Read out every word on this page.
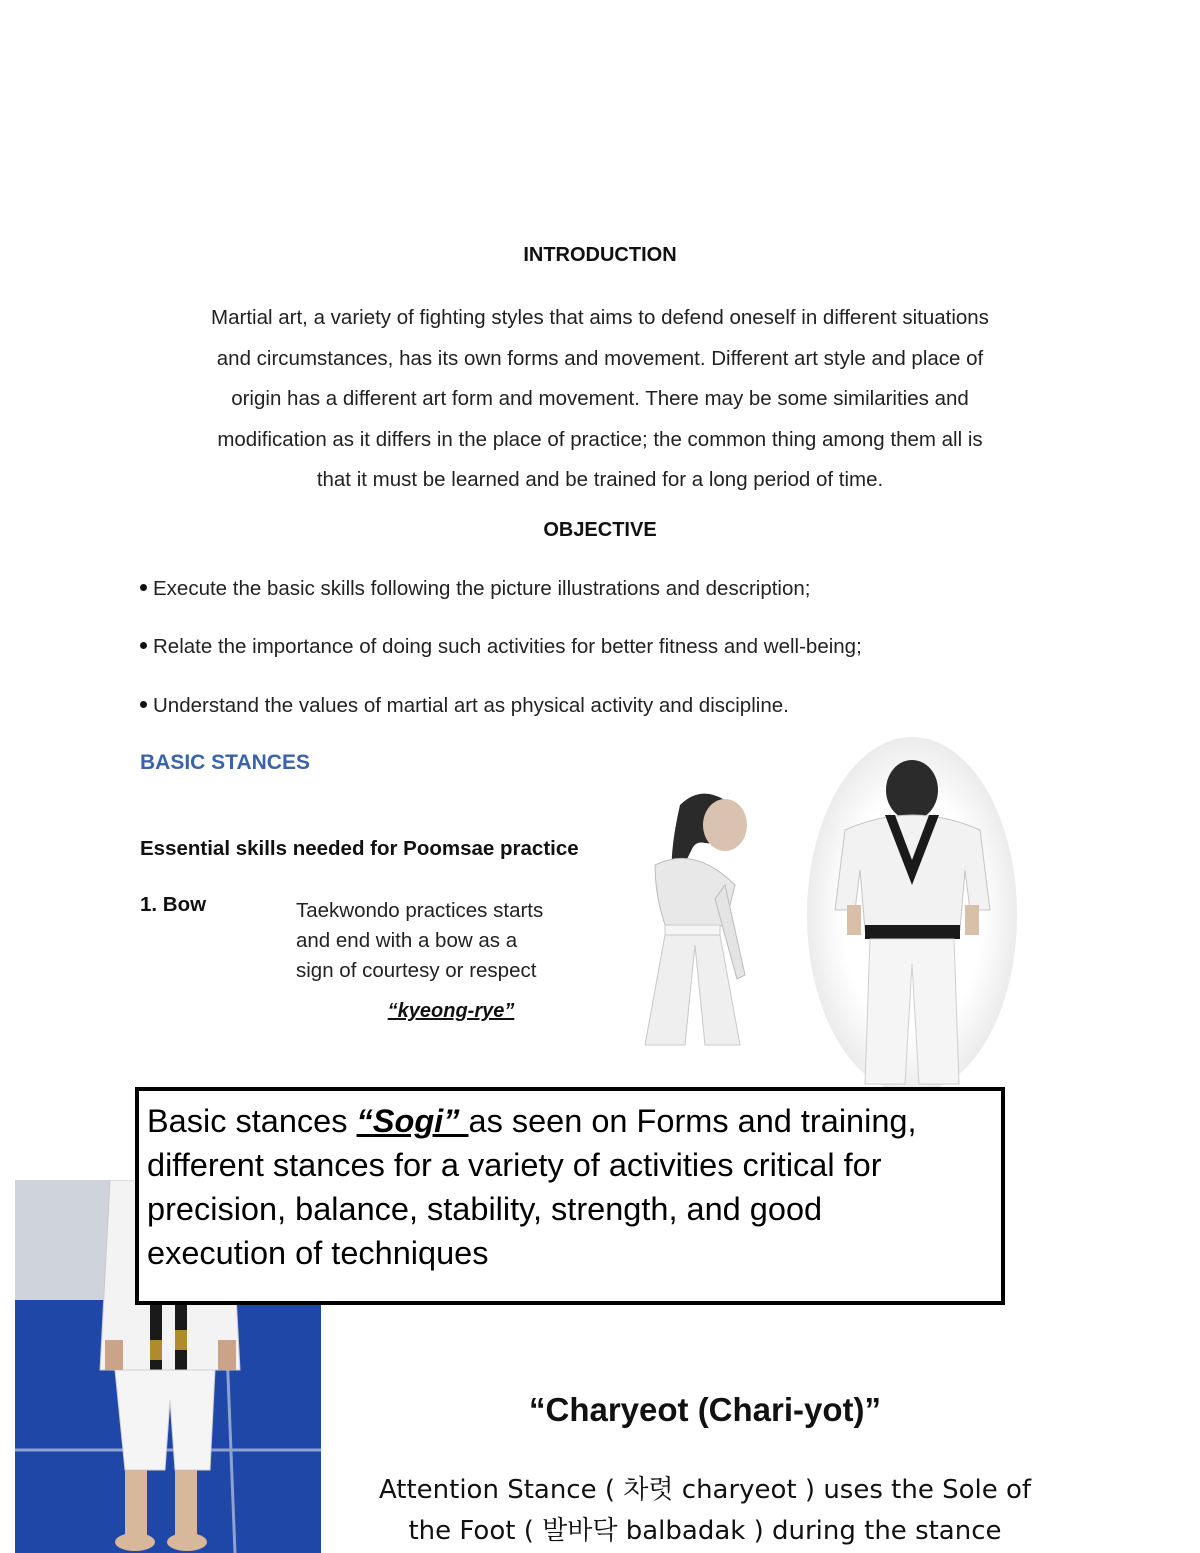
INTRODUCTION
Martial art, a variety of fighting styles that aims to defend oneself in different situations
and circumstances, has its own forms and movement. Different art style and place of
origin has a different art form and movement. There may be some similarities and
modification as it differs in the place of practice; the common thing among them all is
that it must be learned and be trained for a long period of time.
OBJECTIVE
Execute the basic skills following the picture illustrations and description;
Relate the importance of doing such activities for better fitness and well-being;
Understand the values of martial art as physical activity and discipline.
BASIC STANCES
Essential skills needed for Poomsae practice
1. Bow	Taekwondo practices starts
and end with a bow as a
sign of courtesy or respect
“kyeong-rye”
Basic stances “Sogi” as seen on Forms and training,
different stances for a variety of activities critical for
precision, balance, stability, strength, and good
execution of techniques
“Charyeot (Chari-yot)”
Attention Stance ( 차렷 charyeot ) uses the Sole of
the Foot ( 발바닥 balbadak ) during the stance
